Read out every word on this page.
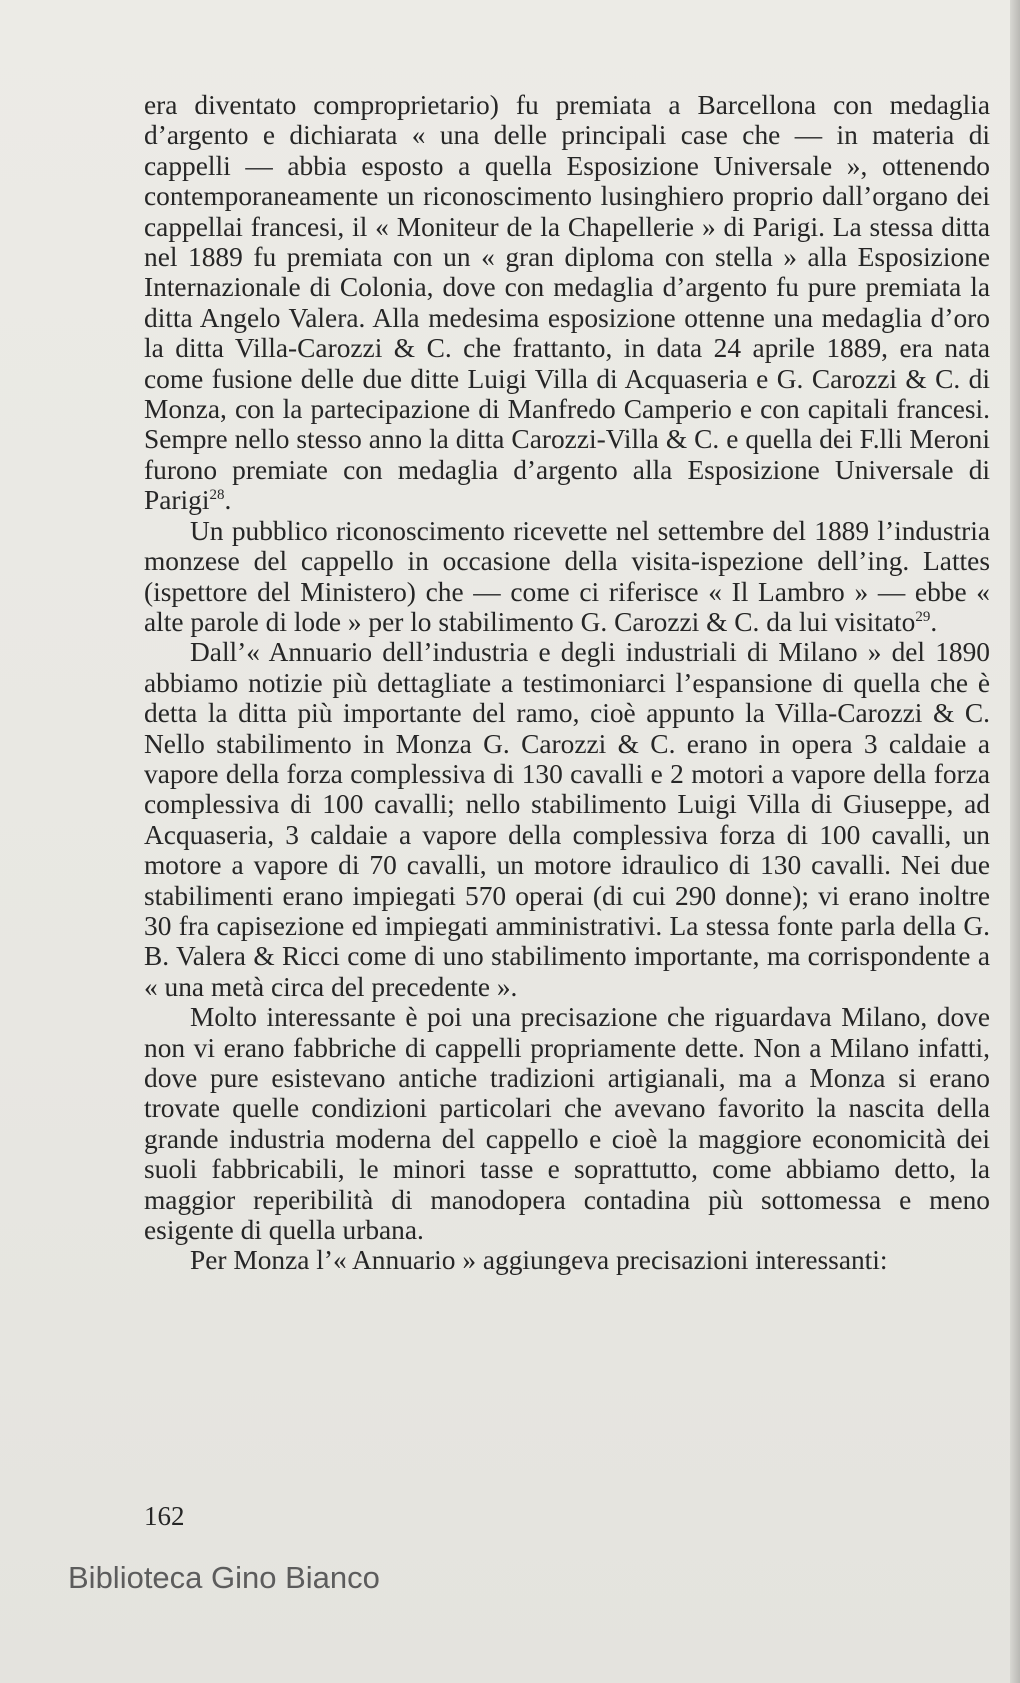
era diventato comproprietario) fu premiata a Barcellona con medaglia d’argento e dichiarata « una delle principali case che — in materia di cappelli — abbia esposto a quella Esposizione Universale », ottenendo contemporaneamente un riconoscimento lusinghiero proprio dall’organo dei cappellai francesi, il « Moniteur de la Chapellerie » di Parigi. La stessa ditta nel 1889 fu premiata con un « gran diploma con stella » alla Esposizione Internazionale di Colonia, dove con medaglia d’argento fu pure premiata la ditta Angelo Valera. Alla medesima esposizione ottenne una medaglia d’oro la ditta Villa-Carozzi & C. che frattanto, in data 24 aprile 1889, era nata come fusione delle due ditte Luigi Villa di Acquaseria e G. Carozzi & C. di Monza, con la partecipazione di Manfredo Camperio e con capitali francesi. Sempre nello stesso anno la ditta Carozzi-Villa & C. e quella dei F.lli Meroni furono premiate con medaglia d’argento alla Esposizione Universale di Parigi$^{28}$.

Un pubblico riconoscimento ricevette nel settembre del 1889 l’industria monzese del cappello in occasione della visita-ispezione dell’ing. Lattes (ispettore del Ministero) che — come ci riferisce « Il Lambro » — ebbe « alte parole di lode » per lo stabilimento G. Carozzi & C. da lui visitato$^{29}$.

Dall’« Annuario dell’industria e degli industriali di Milano » del 1890 abbiamo notizie più dettagliate a testimoniarci l’espansione di quella che è detta la ditta più importante del ramo, cioè appunto la Villa-Carozzi & C. Nello stabilimento in Monza G. Carozzi & C. erano in opera 3 caldaie a vapore della forza complessiva di 130 cavalli e 2 motori a vapore della forza complessiva di 100 cavalli; nello stabilimento Luigi Villa di Giuseppe, ad Acquaseria, 3 caldaie a vapore della complessiva forza di 100 cavalli, un motore a vapore di 70 cavalli, un motore idraulico di 130 cavalli. Nei due stabilimenti erano impiegati 570 operai (di cui 290 donne); vi erano inoltre 30 fra capisezione ed impiegati amministrativi. La stessa fonte parla della G. B. Valera & Ricci come di uno stabilimento importante, ma corrispondente a « una metà circa del precedente ».

Molto interessante è poi una precisazione che riguardava Milano, dove non vi erano fabbriche di cappelli propriamente dette. Non a Milano infatti, dove pure esistevano antiche tradizioni artigianali, ma a Monza si erano trovate quelle condizioni particolari che avevano favorito la nascita della grande industria moderna del cappello e cioè la maggiore economicità dei suoli fabbricabili, le minori tasse e soprattutto, come abbiamo detto, la maggior reperibilità di manodopera contadina più sottomessa e meno esigente di quella urbana.

Per Monza l’« Annuario » aggiungeva precisazioni interessanti:

162
Biblioteca Gino Bianco
